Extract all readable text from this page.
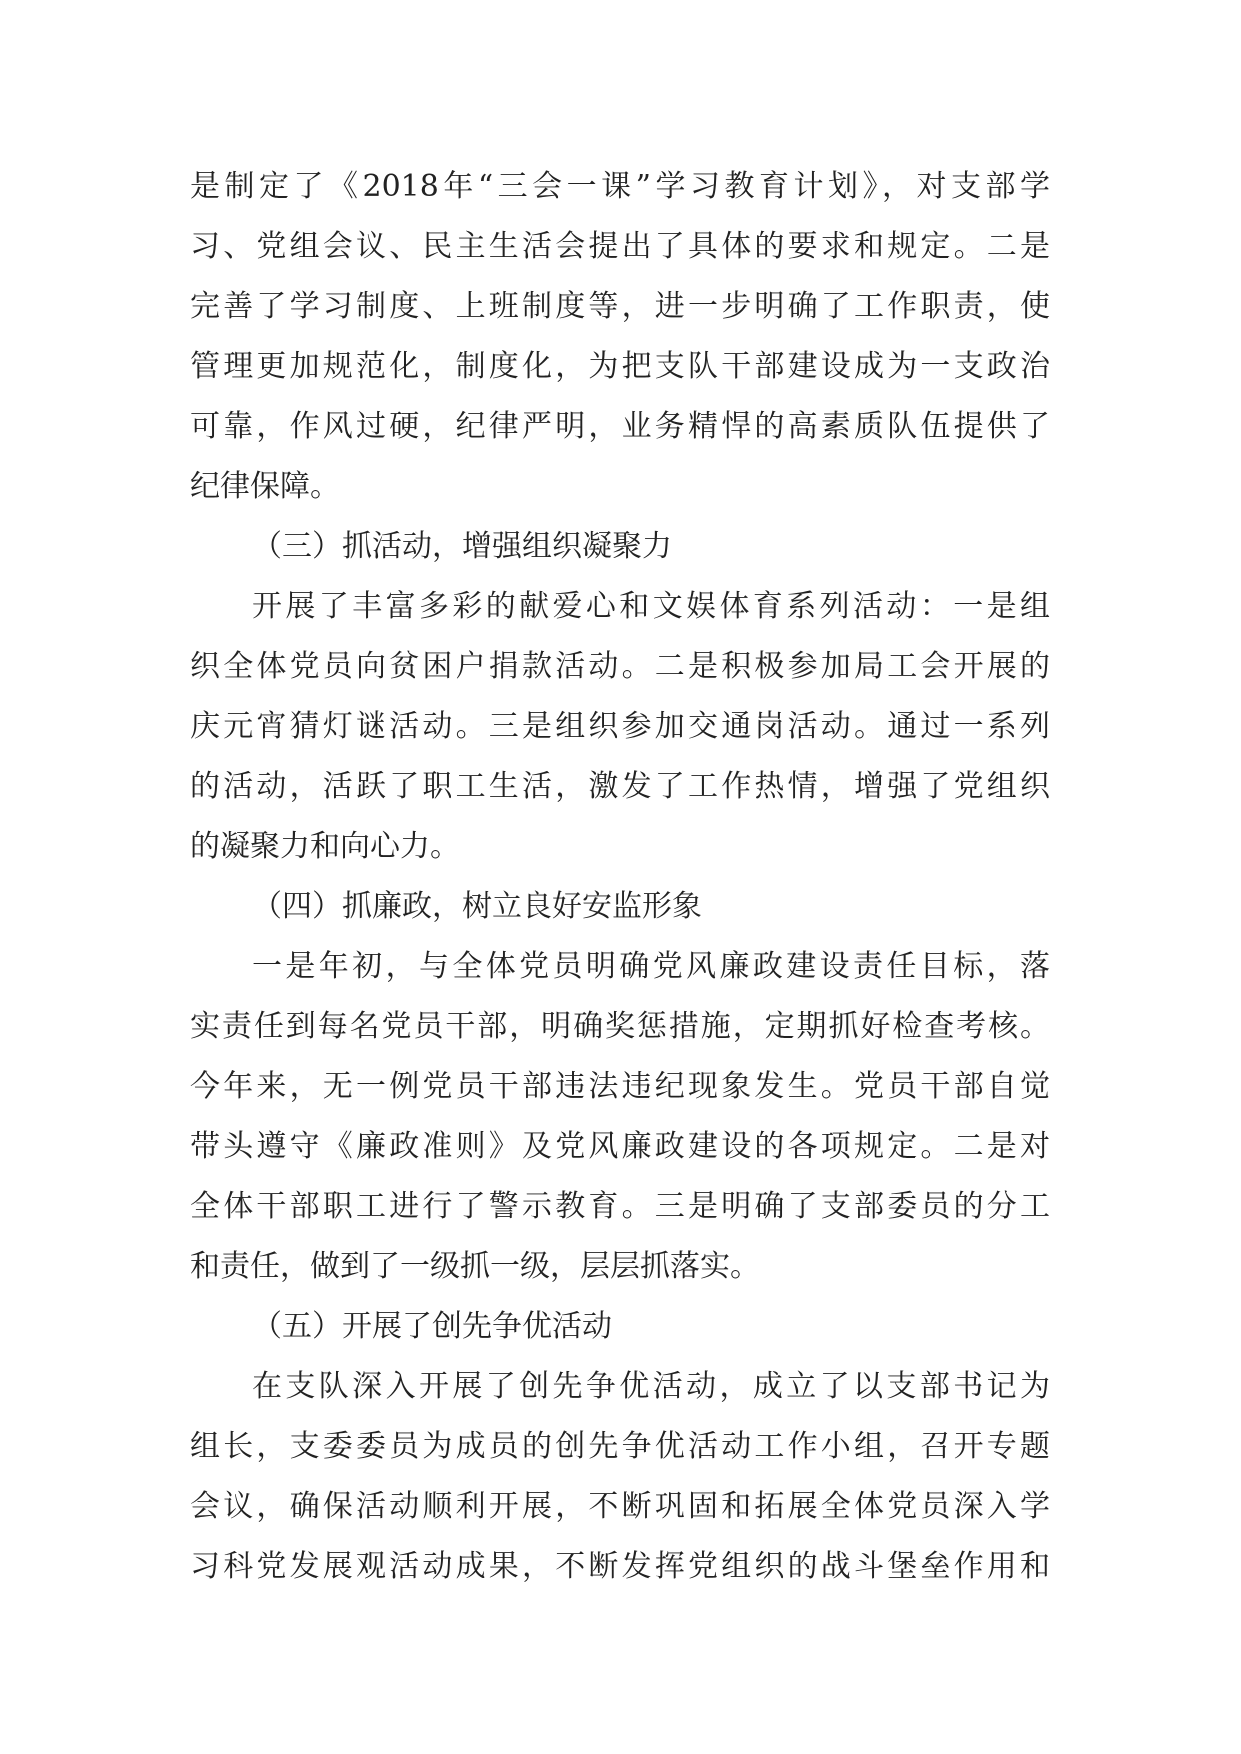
是制定了《2018年“三会一课”学习教育计划》，对支部学
习、党组会议、民主生活会提出了具体的要求和规定。二是
完善了学习制度、上班制度等，进一步明确了工作职责，使
管理更加规范化，制度化，为把支队干部建设成为一支政治
可靠，作风过硬，纪律严明，业务精悍的高素质队伍提供了
纪律保障。
（三）抓活动，增强组织凝聚力
开展了丰富多彩的献爱心和文娱体育系列活动：一是组
织全体党员向贫困户捐款活动。二是积极参加局工会开展的
庆元宵猜灯谜活动。三是组织参加交通岗活动。通过一系列
的活动，活跃了职工生活，激发了工作热情，增强了党组织
的凝聚力和向心力。
（四）抓廉政，树立良好安监形象
一是年初，与全体党员明确党风廉政建设责任目标，落
实责任到每名党员干部，明确奖惩措施，定期抓好检查考核。
今年来，无一例党员干部违法违纪现象发生。党员干部自觉
带头遵守《廉政准则》及党风廉政建设的各项规定。二是对
全体干部职工进行了警示教育。三是明确了支部委员的分工
和责任，做到了一级抓一级，层层抓落实。
（五）开展了创先争优活动
在支队深入开展了创先争优活动，成立了以支部书记为
组长，支委委员为成员的创先争优活动工作小组，召开专题
会议，确保活动顺利开展，不断巩固和拓展全体党员深入学
习科党发展观活动成果，不断发挥党组织的战斗堡垒作用和
